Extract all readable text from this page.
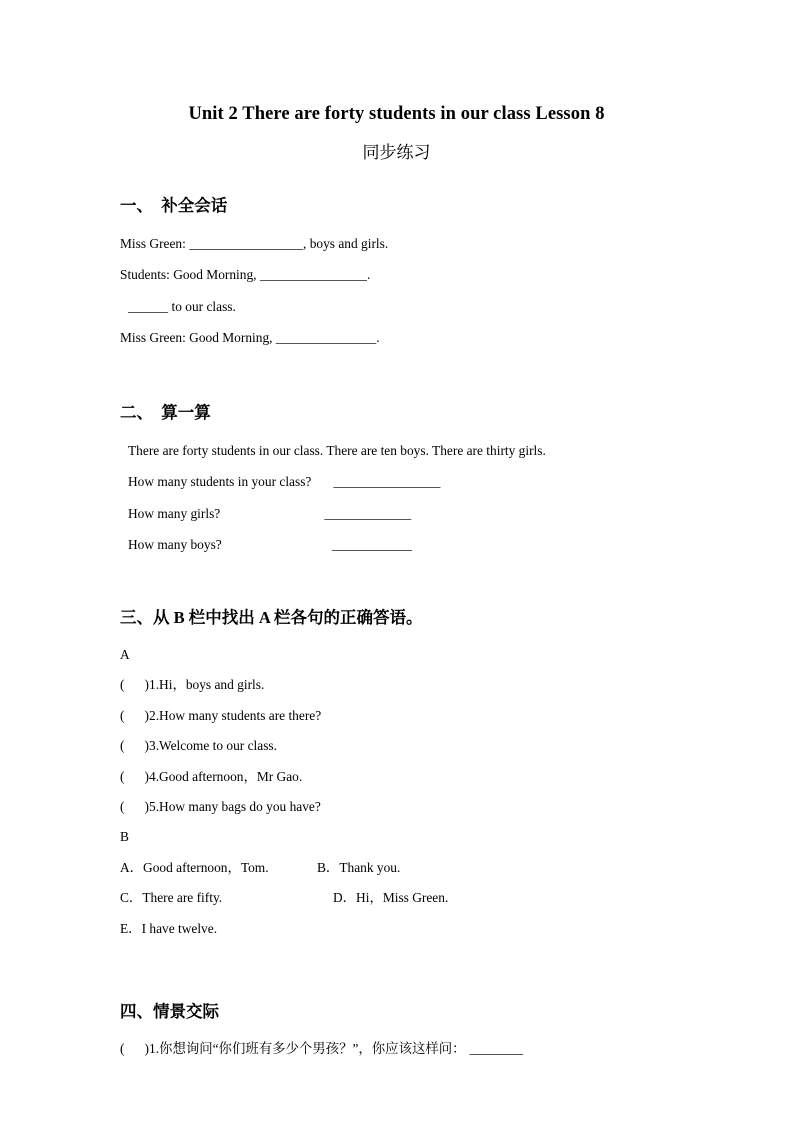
Unit 2 There are forty students in our class Lesson 8
同步练习
一、  补全会话
Miss Green:	, boys and girls.
Students: Good Morning,	.
to our class.
Miss Green: Good Morning,	.
二、  算一算
There are forty students in our class. There are ten boys. There are thirty girls.
How many students in your class?
How many girls?
How many boys?
三、从 B 栏中找出 A 栏各句的正确答语。
A
(      )1.Hi，boys and girls.
(      )2.How many students are there?
(      )3.Welcome to our class.
(      )4.Good afternoon，Mr Gao.
(      )5.How many bags do you have?
B
A．Good afternoon，Tom.	B．Thank you.
C．There are fifty.	D．Hi，Miss Green.
E．I have twelve.
四、情景交际
(      )1.你想询问“你们班有多少个男孩？”，你应该这样问：
